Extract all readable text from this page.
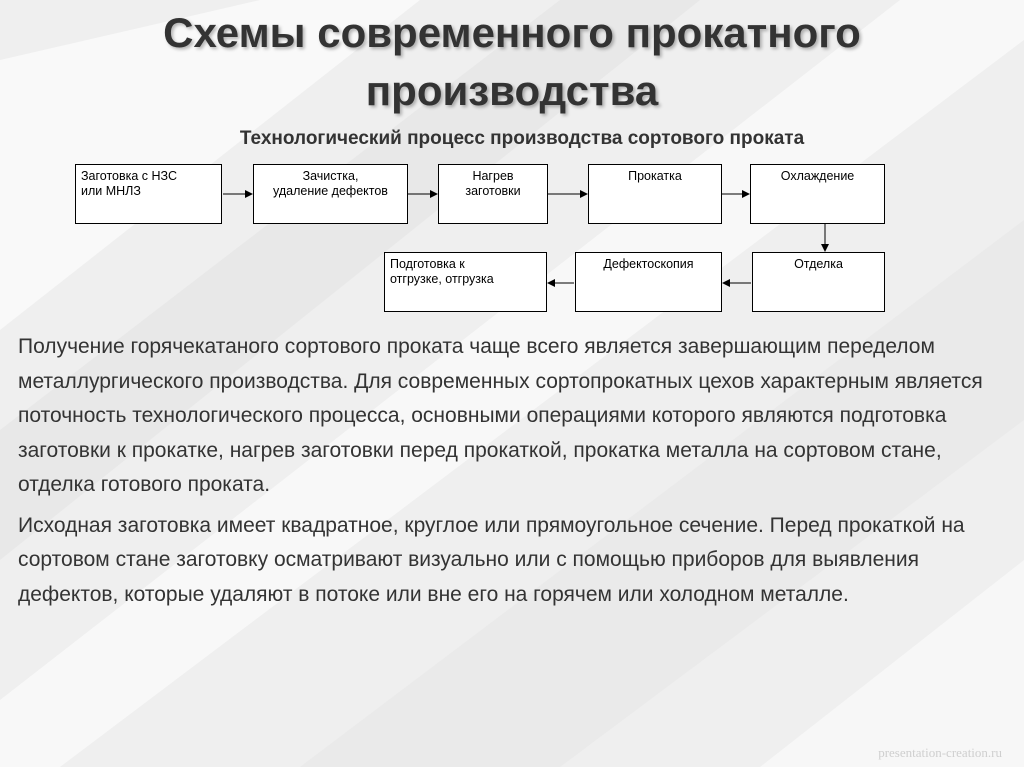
Схемы современного прокатного
производства
Технологический процесс производства сортового проката
Заготовка с НЗС
или МНЛЗ
Зачистка,
удаление дефектов
Нагрев
заготовки
Прокатка	Охлаждение
Отделка
Дефектоскопия
Подготовка к
отгрузке, отгрузка

Получение горячекатаного сортового проката чаще всего является завершающим переделом металлургического производства. Для современных сортопрокатных цехов характерным является поточность технологического процесса, основными операциями которого являются подготовка заготовки к прокатке, нагрев заготовки перед прокаткой, прокатка металла на сортовом стане, отделка готового проката.

Исходная заготовка имеет квадратное, круглое или прямоугольное сечение. Перед прокаткой на сортовом стане заготовку осматривают визуально или с помощью приборов для выявления дефектов, которые удаляют в потоке или вне его на горячем или холодном металле.

presentation-creation.ru
